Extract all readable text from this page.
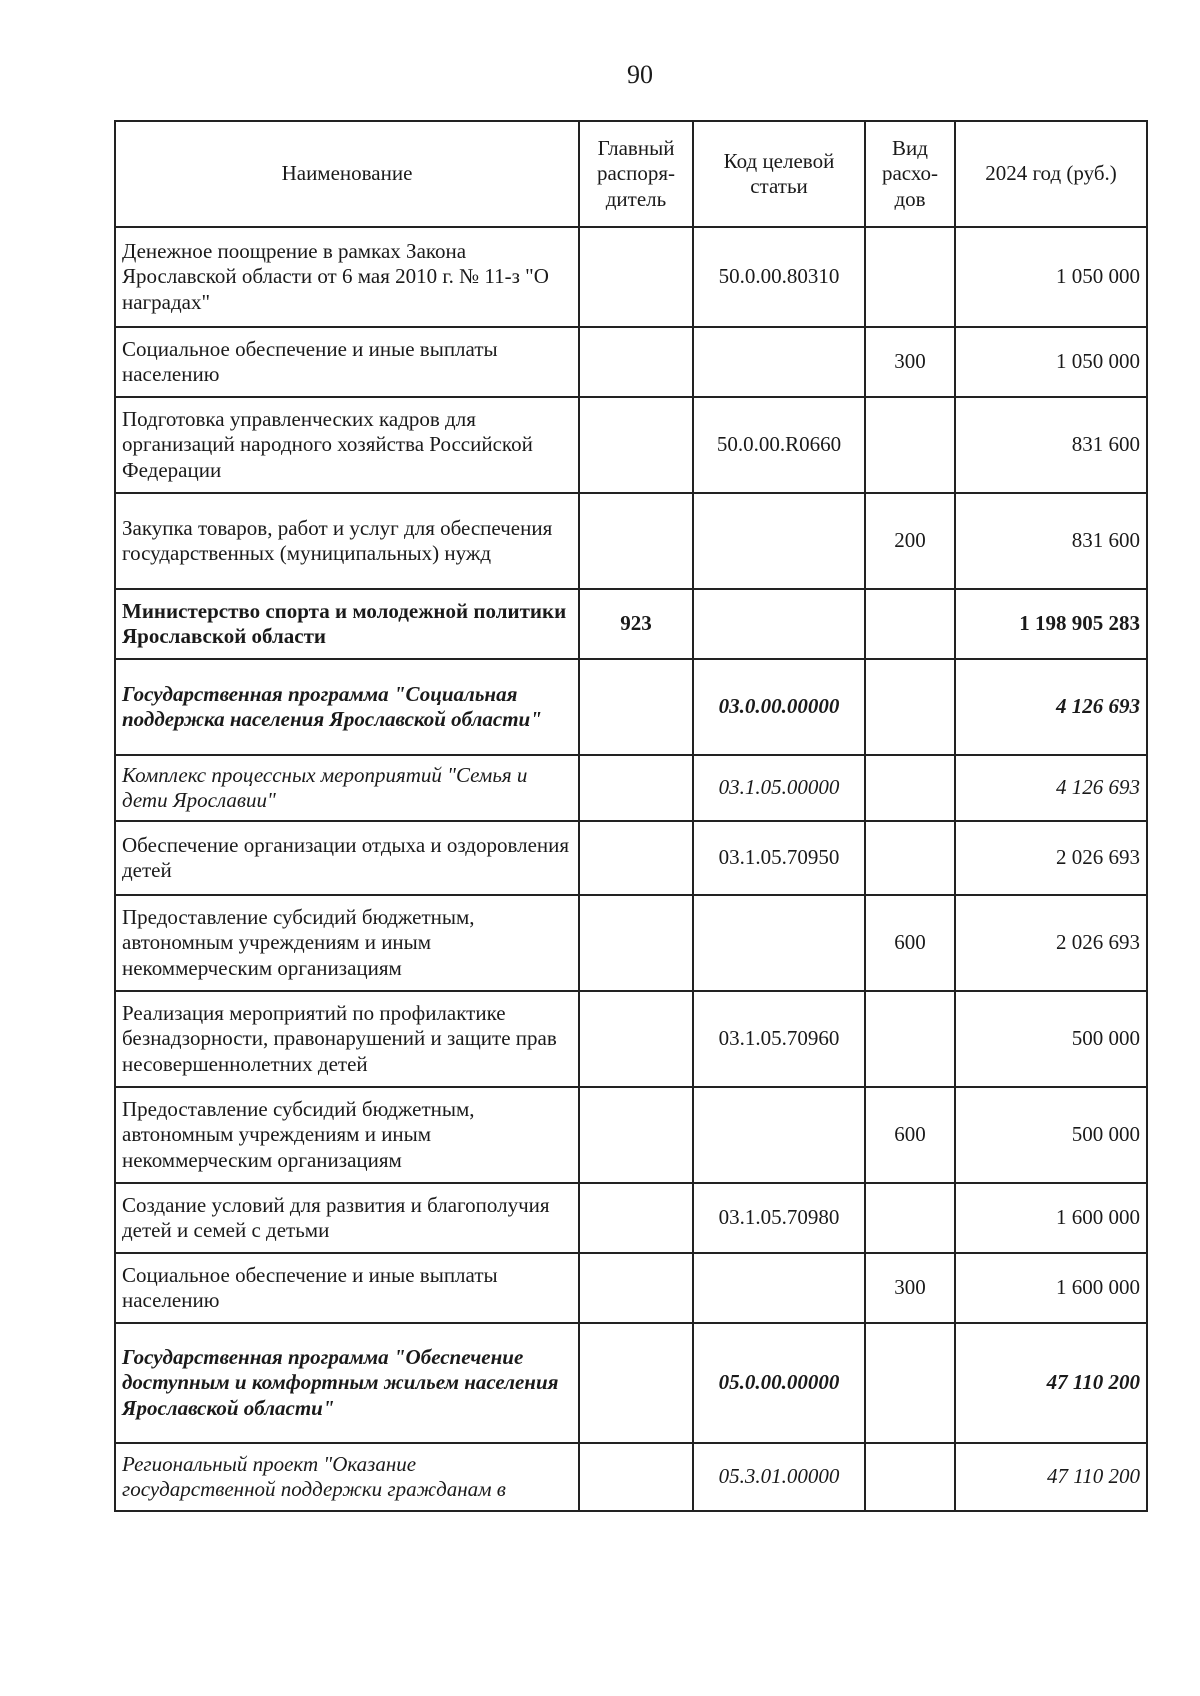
90
Наименование	Главный распоря-дитель	Код целевой статьи	Вид расхо-дов	2024 год (руб.)
Денежное поощрение в рамках Закона Ярославской области от 6 мая 2010 г. № 11-з "О наградах"		50.0.00.80310		1 050 000
Социальное обеспечение и иные выплаты населению			300	1 050 000
Подготовка управленческих кадров для организаций народного хозяйства Российской Федерации		50.0.00.R0660		831 600
Закупка товаров, работ и услуг для обеспечения государственных (муниципальных) нужд			200	831 600
Министерство спорта и молодежной политики Ярославской области	923			1 198 905 283
Государственная программа "Социальная поддержка населения Ярославской области"		03.0.00.00000		4 126 693
Комплекс процессных мероприятий "Семья и дети Ярославии"		03.1.05.00000		4 126 693
Обеспечение организации отдыха и оздоровления детей		03.1.05.70950		2 026 693
Предоставление субсидий бюджетным, автономным учреждениям и иным некоммерческим организациям			600	2 026 693
Реализация мероприятий по профилактике безнадзорности, правонарушений и защите прав несовершеннолетних детей		03.1.05.70960		500 000
Предоставление субсидий бюджетным, автономным учреждениям и иным некоммерческим организациям			600	500 000
Создание условий для развития и благополучия детей и семей с детьми		03.1.05.70980		1 600 000
Социальное обеспечение и иные выплаты населению			300	1 600 000
Государственная программа "Обеспечение доступным и комфортным жильем населения Ярославской области"		05.0.00.00000		47 110 200
Региональный проект "Оказание государственной поддержки гражданам в		05.3.01.00000		47 110 200
